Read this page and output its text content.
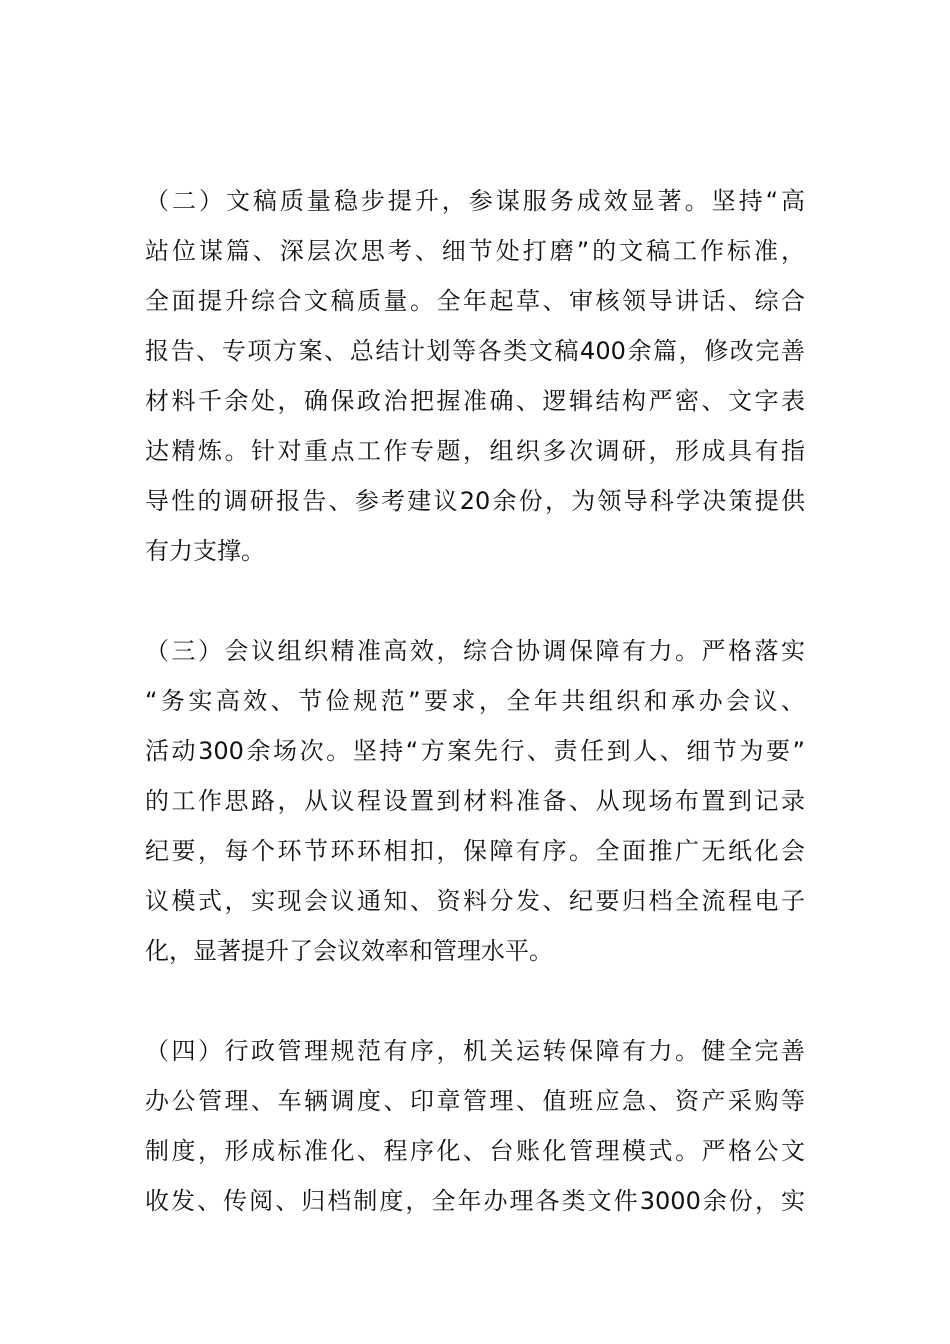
（二）文稿质量稳步提升，参谋服务成效显著。坚持“高
站位谋篇、深层次思考、细节处打磨”的文稿工作标准，
全面提升综合文稿质量。全年起草、审核领导讲话、综合
报告、专项方案、总结计划等各类文稿400余篇，修改完善
材料千余处，确保政治把握准确、逻辑结构严密、文字表
达精炼。针对重点工作专题，组织多次调研，形成具有指
导性的调研报告、参考建议20余份，为领导科学决策提供
有力支撑。
（三）会议组织精准高效，综合协调保障有力。严格落实
“务实高效、节俭规范”要求，全年共组织和承办会议、
活动300余场次。坚持“方案先行、责任到人、细节为要”
的工作思路，从议程设置到材料准备、从现场布置到记录
纪要，每个环节环环相扣，保障有序。全面推广无纸化会
议模式，实现会议通知、资料分发、纪要归档全流程电子
化，显著提升了会议效率和管理水平。
（四）行政管理规范有序，机关运转保障有力。健全完善
办公管理、车辆调度、印章管理、值班应急、资产采购等
制度，形成标准化、程序化、台账化管理模式。严格公文
收发、传阅、归档制度，全年办理各类文件3000余份，实
